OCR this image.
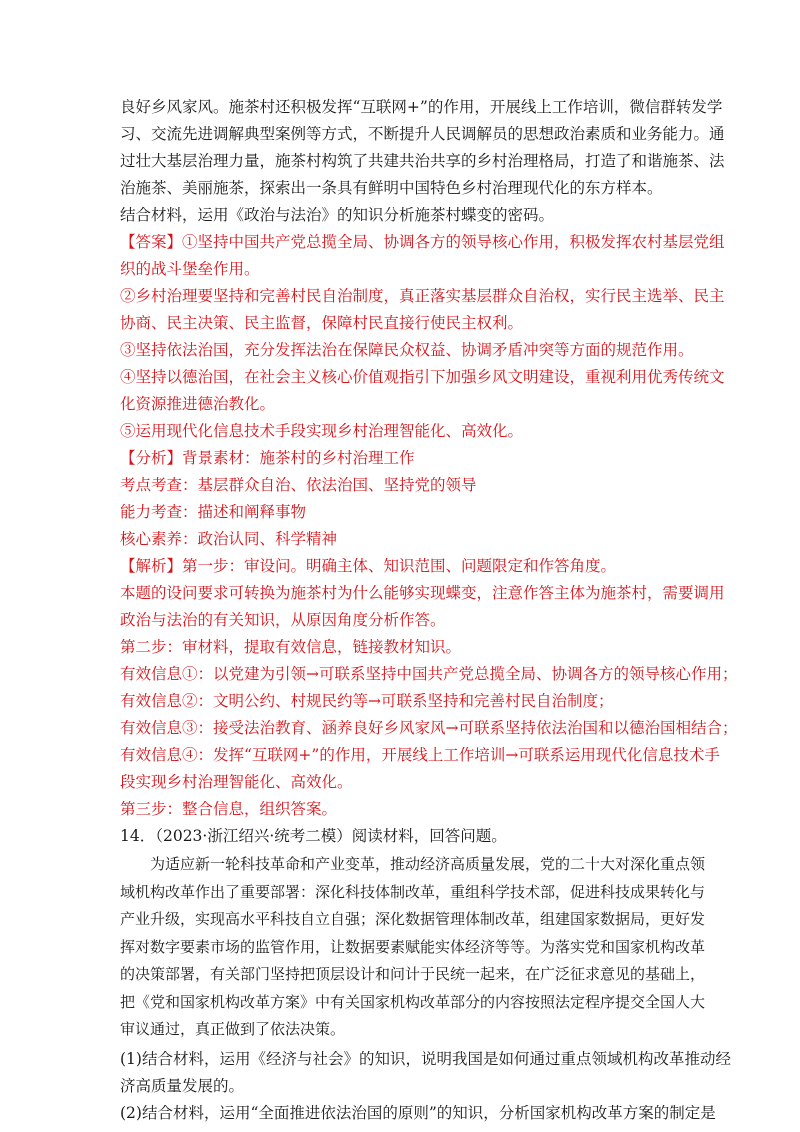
良好乡风家风。施茶村还积极发挥“互联网+”的作用，开展线上工作培训，微信群转发学
习、交流先进调解典型案例等方式，不断提升人民调解员的思想政治素质和业务能力。通
过壮大基层治理力量，施茶村构筑了共建共治共享的乡村治理格局，打造了和谐施茶、法
治施茶、美丽施茶，探索出一条具有鲜明中国特色乡村治理现代化的东方样本。
结合材料，运用《政治与法治》的知识分析施茶村蝶变的密码。
【答案】①坚持中国共产党总揽全局、协调各方的领导核心作用，积极发挥农村基层党组
织的战斗堡垒作用。
②乡村治理要坚持和完善村民自治制度，真正落实基层群众自治权，实行民主选举、民主
协商、民主决策、民主监督，保障村民直接行使民主权利。
③坚持依法治国，充分发挥法治在保障民众权益、协调矛盾冲突等方面的规范作用。
④坚持以德治国，在社会主义核心价值观指引下加强乡风文明建设，重视利用优秀传统文
化资源推进德治教化。
⑤运用现代化信息技术手段实现乡村治理智能化、高效化。
【分析】背景素材：施茶村的乡村治理工作
考点考查：基层群众自治、依法治国、坚持党的领导
能力考查：描述和阐释事物
核心素养：政治认同、科学精神
【解析】第一步：审设问。明确主体、知识范围、问题限定和作答角度。
本题的设问要求可转换为施茶村为什么能够实现蝶变，注意作答主体为施茶村，需要调用
政治与法治的有关知识，从原因角度分析作答。
第二步：审材料，提取有效信息，链接教材知识。
有效信息①：以党建为引领→可联系坚持中国共产党总揽全局、协调各方的领导核心作用；
有效信息②：文明公约、村规民约等→可联系坚持和完善村民自治制度；
有效信息③：接受法治教育、涵养良好乡风家风→可联系坚持依法治国和以德治国相结合；
有效信息④：发挥“互联网+”的作用，开展线上工作培训→可联系运用现代化信息技术手
段实现乡村治理智能化、高效化。
第三步：整合信息，组织答案。
14．（2023·浙江绍兴·统考二模）阅读材料，回答问题。
为适应新一轮科技革命和产业变革，推动经济高质量发展，党的二十大对深化重点领
域机构改革作出了重要部署：深化科技体制改革，重组科学技术部，促进科技成果转化与
产业升级，实现高水平科技自立自强；深化数据管理体制改革，组建国家数据局，更好发
挥对数字要素市场的监管作用，让数据要素赋能实体经济等等。为落实党和国家机构改革
的决策部署，有关部门坚持把顶层设计和问计于民统一起来，在广泛征求意见的基础上，
把《党和国家机构改革方案》中有关国家机构改革部分的内容按照法定程序提交全国人大
审议通过，真正做到了依法决策。
(1)结合材料，运用《经济与社会》的知识，说明我国是如何通过重点领域机构改革推动经
济高质量发展的。
(2)结合材料，运用“全面推进依法治国的原则”的知识，分析国家机构改革方案的制定是
